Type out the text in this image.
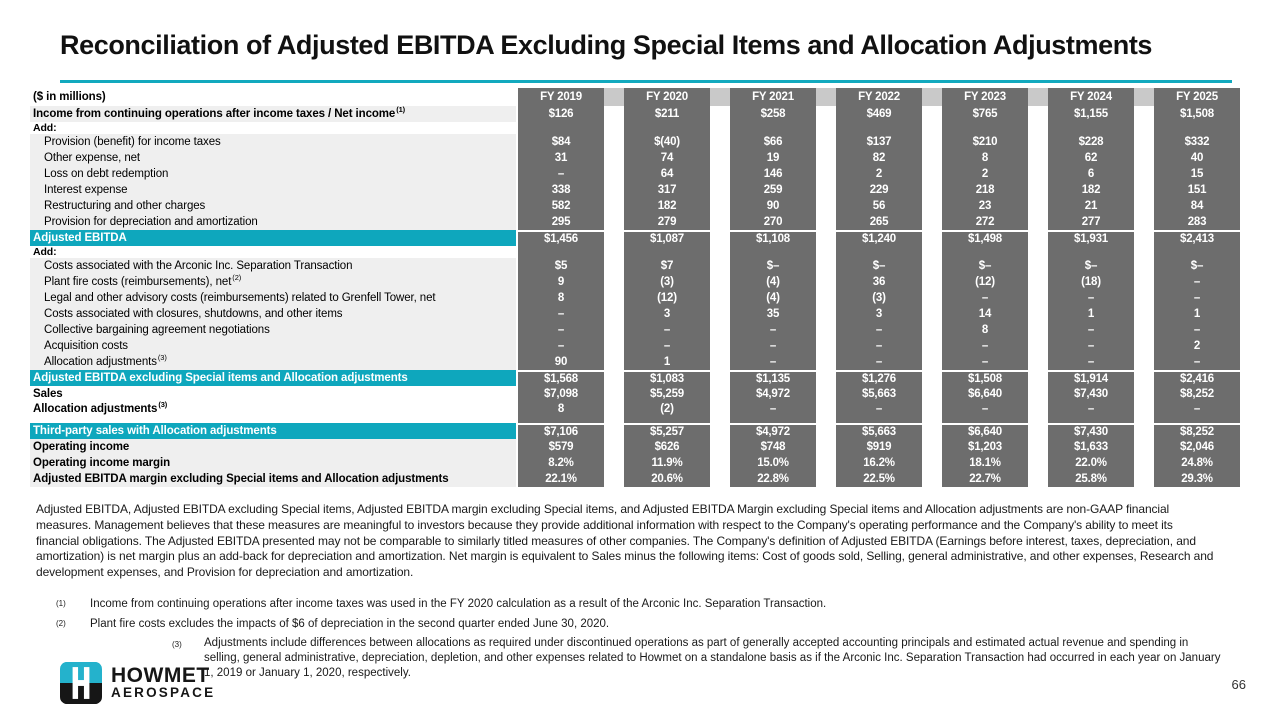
Reconciliation of Adjusted EBITDA Excluding Special Items and Allocation Adjustments
($ in millions)	FY 2019	FY 2020	FY 2021	FY 2022	FY 2023	FY 2024	FY 2025
Income from continuing operations after income taxes / Net income$^{(1)}$	$126	$211	$258	$469	$765	$1,155	$1,508
Add:
Provision (benefit) for income taxes	$84	$(40)	$66	$137	$210	$228	$332
Other expense, net	31	74	19	82	8	62	40
Loss on debt redemption	–	64	146	2	2	6	15
Interest expense	338	317	259	229	218	182	151
Restructuring and other charges	582	182	90	56	23	21	84
Provision for depreciation and amortization	295	279	270	265	272	277	283
Adjusted EBITDA	$1,456	$1,087	$1,108	$1,240	$1,498	$1,931	$2,413
Add:
Costs associated with the Arconic Inc. Separation Transaction	$5	$7	$–	$–	$–	$–	$–
Plant fire costs (reimbursements), net$^{(2)}$	9	(3)	(4)	36	(12)	(18)	–
Legal and other advisory costs (reimbursements) related to Grenfell Tower, net	8	(12)	(4)	(3)	–	–	–
Costs associated with closures, shutdowns, and other items	–	3	35	3	14	1	1
Collective bargaining agreement negotiations	–	–	–	–	8	–	–
Acquisition costs	–	–	–	–	–	–	2
Allocation adjustments$^{(3)}$	90	1	–	–	–	–	–
Adjusted EBITDA excluding Special items and Allocation adjustments	$1,568	$1,083	$1,135	$1,276	$1,508	$1,914	$2,416
Sales	$7,098	$5,259	$4,972	$5,663	$6,640	$7,430	$8,252
Allocation adjustments$^{(3)}$	8	(2)	–	–	–	–	–
Third-party sales with Allocation adjustments	$7,106	$5,257	$4,972	$5,663	$6,640	$7,430	$8,252
Operating income	$579	$626	$748	$919	$1,203	$1,633	$2,046
Operating income margin	8.2%	11.9%	15.0%	16.2%	18.1%	22.0%	24.8%
Adjusted EBITDA margin excluding Special items and Allocation adjustments	22.1%	20.6%	22.8%	22.5%	22.7%	25.8%	29.3%
Adjusted EBITDA, Adjusted EBITDA excluding Special items, Adjusted EBITDA margin excluding Special items, and Adjusted EBITDA Margin excluding Special items and Allocation adjustments are non-GAAP financial measures. Management believes that these measures are meaningful to investors because they provide additional information with respect to the Company's operating performance and the Company's ability to meet its financial obligations. The Adjusted EBITDA presented may not be comparable to similarly titled measures of other companies. The Company's definition of Adjusted EBITDA (Earnings before interest, taxes, depreciation, and amortization) is net margin plus an add-back for depreciation and amortization. Net margin is equivalent to Sales minus the following items: Cost of goods sold, Selling, general administrative, and other expenses, Research and development expenses, and Provision for depreciation and amortization.
(1)	Income from continuing operations after income taxes was used in the FY 2020 calculation as a result of the Arconic Inc. Separation Transaction.
(2)	Plant fire costs excludes the impacts of $6 of depreciation in the second quarter ended June 30, 2020.
(3)	Adjustments include differences between allocations as required under discontinued operations as part of generally accepted accounting principals and estimated actual revenue and spending in selling, general administrative, depreciation, depletion, and other expenses related to Howmet on a standalone basis as if the Arconic Inc. Separation Transaction had occurred in each year on January 1, 2019 or January 1, 2020, respectively.
HOWMET
AEROSPACE
66
